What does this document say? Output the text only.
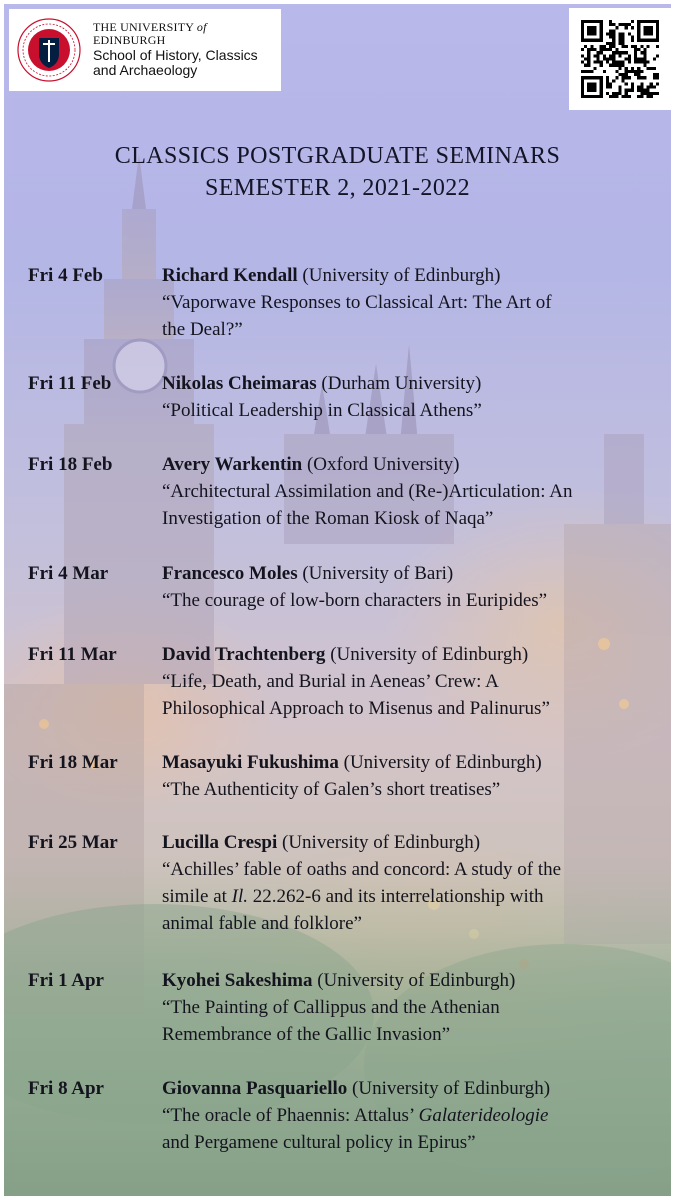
THE UNIVERSITY of EDINBURGH
School of History, Classics
and Archaeology
CLASSICS POSTGRADUATE SEMINARS
SEMESTER 2, 2021-2022
Fri 4 Feb	Richard Kendall (University of Edinburgh)
“Vaporwave Responses to Classical Art: The Art of
the Deal?”
Fri 11 Feb	Nikolas Cheimaras (Durham University)
“Political Leadership in Classical Athens”
Fri 18 Feb	Avery Warkentin (Oxford University)
“Architectural Assimilation and (Re-)Articulation: An
Investigation of the Roman Kiosk of Naqa”
Fri 4 Mar	Francesco Moles (University of Bari)
“The courage of low-born characters in Euripides”
Fri 11 Mar	David Trachtenberg (University of Edinburgh)
“Life, Death, and Burial in Aeneas’ Crew: A
Philosophical Approach to Misenus and Palinurus”
Fri 18 Mar	Masayuki Fukushima (University of Edinburgh)
“The Authenticity of Galen’s short treatises”
Fri 25 Mar	Lucilla Crespi (University of Edinburgh)
“Achilles’ fable of oaths and concord: A study of the
simile at Il. 22.262-6 and its interrelationship with
animal fable and folklore”
Fri 1 Apr	Kyohei Sakeshima (University of Edinburgh)
“The Painting of Callippus and the Athenian
Remembrance of the Gallic Invasion”
Fri 8 Apr	Giovanna Pasquariello (University of Edinburgh)
“The oracle of Phaennis: Attalus’ Galaterideologie
and Pergamene cultural policy in Epirus”
